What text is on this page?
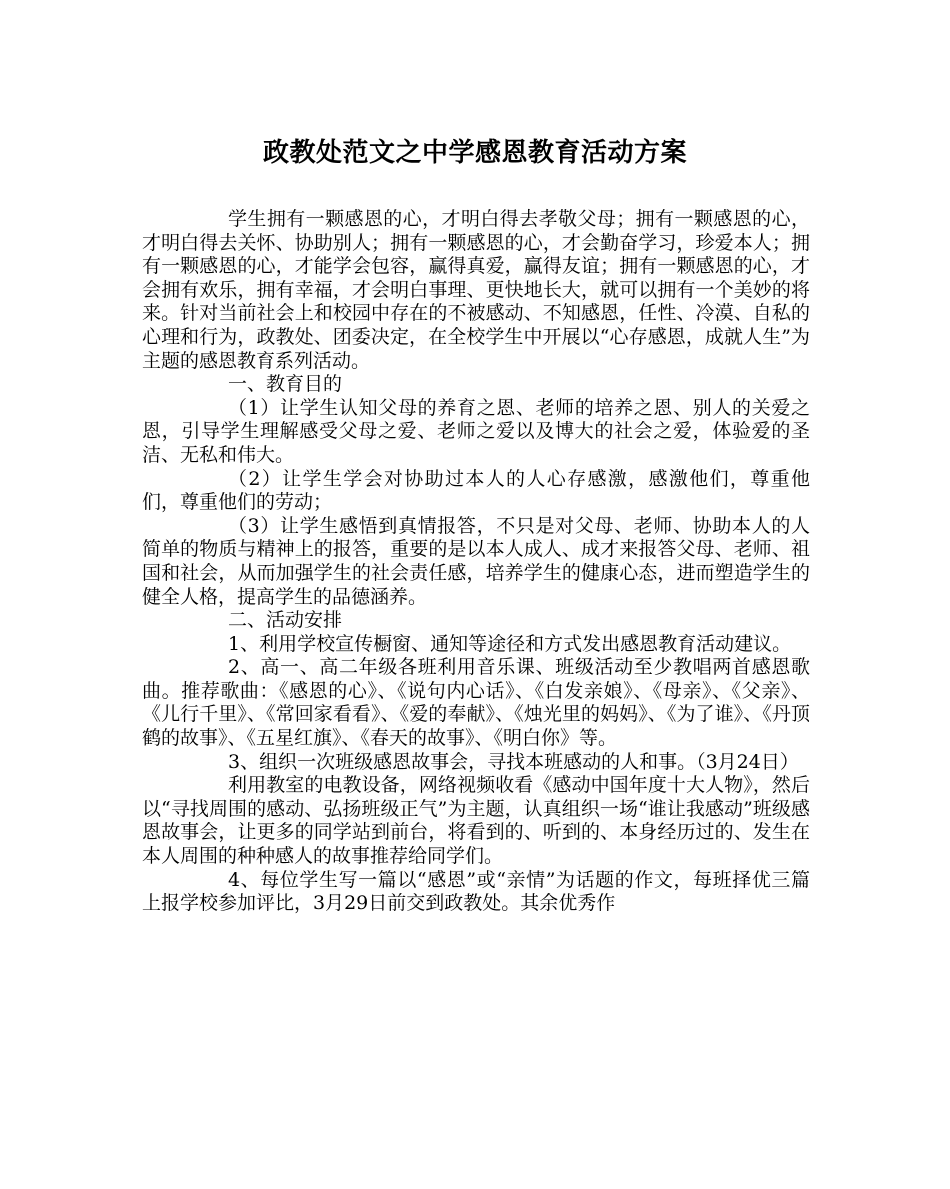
政教处范文之中学感恩教育活动方案

学生拥有一颗感恩的心，才明白得去孝敬父母；拥有一颗感恩的心，才明白得去关怀、协助别人；拥有一颗感恩的心，才会勤奋学习，珍爱本人；拥有一颗感恩的心，才能学会包容，赢得真爱，赢得友谊；拥有一颗感恩的心，才会拥有欢乐，拥有幸福，才会明白事理、更快地长大，就可以拥有一个美妙的将来。针对当前社会上和校园中存在的不被感动、不知感恩，任性、冷漠、自私的心理和行为，政教处、团委决定，在全校学生中开展以“心存感恩，成就人生”为主题的感恩教育系列活动。

一、教育目的

（1）让学生认知父母的养育之恩、老师的培养之恩、别人的关爱之恩，引导学生理解感受父母之爱、老师之爱以及博大的社会之爱，体验爱的圣洁、无私和伟大。

（2）让学生学会对协助过本人的人心存感激，感激他们，尊重他们，尊重他们的劳动；

（3）让学生感悟到真情报答，不只是对父母、老师、协助本人的人简单的物质与精神上的报答，重要的是以本人成人、成才来报答父母、老师、祖国和社会，从而加强学生的社会责任感，培养学生的健康心态，进而塑造学生的健全人格，提高学生的品德涵养。

二、活动安排

1、利用学校宣传橱窗、通知等途径和方式发出感恩教育活动建议。

2、高一、高二年级各班利用音乐课、班级活动至少教唱两首感恩歌曲。推荐歌曲：《感恩的心》、《说句内心话》、《白发亲娘》、《母亲》、《父亲》、《儿行千里》、《常回家看看》、《爱的奉献》、《烛光里的妈妈》、《为了谁》、《丹顶鹤的故事》、《五星红旗》、《春天的故事》、《明白你》等。

3、组织一次班级感恩故事会，寻找本班感动的人和事。（3月24日）

利用教室的电教设备，网络视频收看《感动中国年度十大人物》，然后以“寻找周围的感动、弘扬班级正气”为主题，认真组织一场“谁让我感动”班级感恩故事会，让更多的同学站到前台，将看到的、听到的、本身经历过的、发生在本人周围的种种感人的故事推荐给同学们。

4、每位学生写一篇以“感恩”或“亲情”为话题的作文，每班择优三篇上报学校参加评比，3月29日前交到政教处。其余优秀作
